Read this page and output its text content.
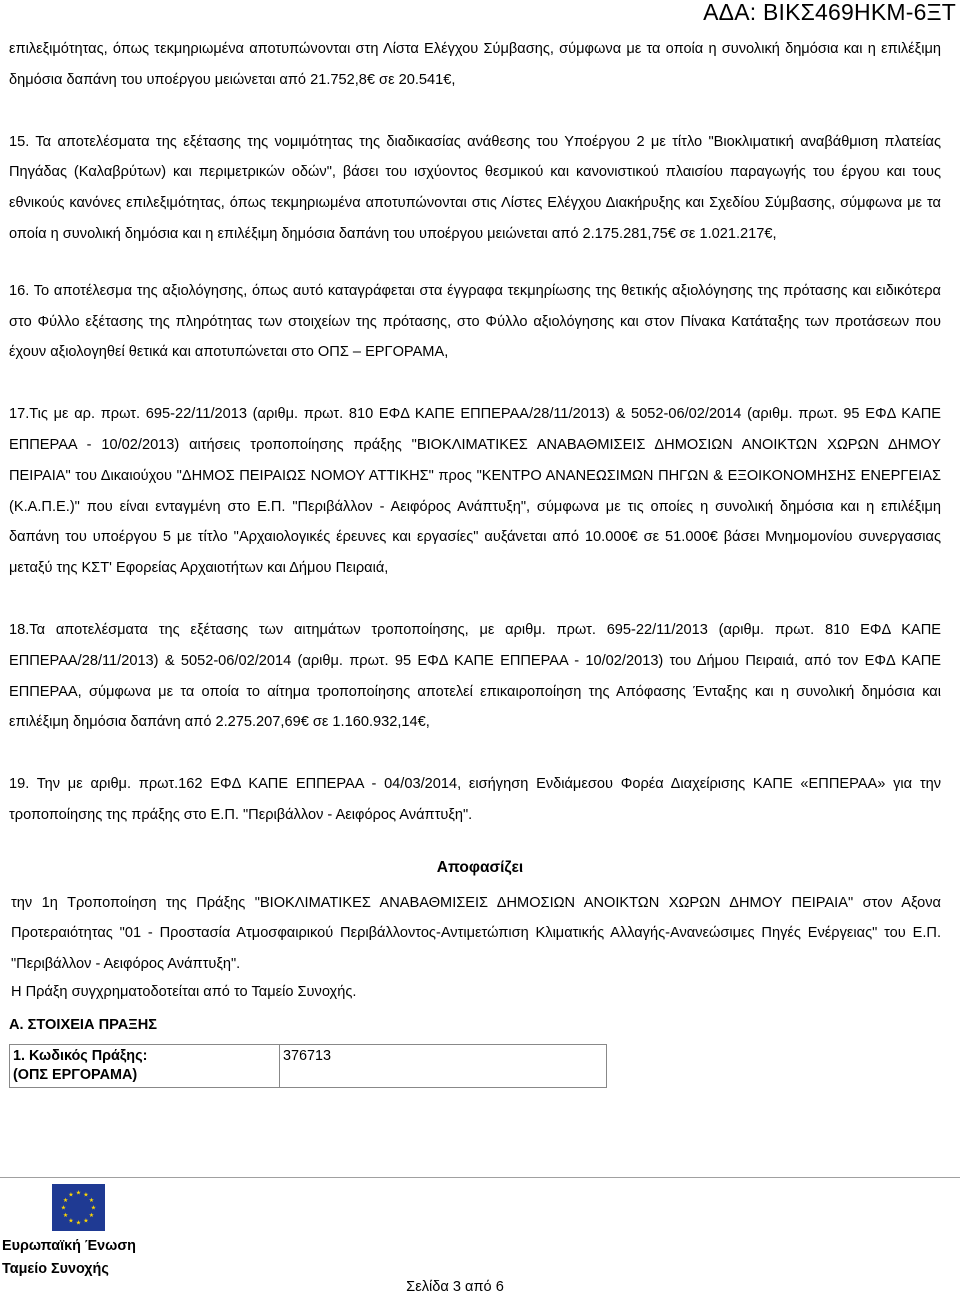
ΑΔΑ: ΒΙΚΣ469ΗΚΜ-6ΞΤ

επιλεξιμότητας, όπως τεκμηριωμένα αποτυπώνονται στη Λίστα Ελέγχου Σύμβασης, σύμφωνα με τα οποία η συνολική δημόσια και η επιλέξιμη δημόσια δαπάνη του υποέργου μειώνεται από 21.752,8€ σε 20.541€,

15. Τα αποτελέσματα της εξέτασης της νομιμότητας της διαδικασίας ανάθεσης του Υποέργου 2 με τίτλο "Βιοκλιματική αναβάθμιση πλατείας Πηγάδας (Καλαβρύτων) και περιμετρικών οδών", βάσει του ισχύοντος θεσμικού και κανονιστικού πλαισίου παραγωγής του έργου και τους εθνικούς κανόνες επιλεξιμότητας, όπως τεκμηριωμένα αποτυπώνονται στις Λίστες Ελέγχου Διακήρυξης και Σχεδίου Σύμβασης, σύμφωνα με τα οποία η συνολική δημόσια και η επιλέξιμη δημόσια δαπάνη του υποέργου μειώνεται από 2.175.281,75€ σε 1.021.217€,

16. Το αποτέλεσμα της αξιολόγησης, όπως αυτό καταγράφεται στα έγγραφα τεκμηρίωσης της θετικής αξιολόγησης της πρότασης και ειδικότερα στο Φύλλο εξέτασης της πληρότητας των στοιχείων της πρότασης, στο Φύλλο αξιολόγησης και στον Πίνακα Κατάταξης των προτάσεων που έχουν αξιολογηθεί θετικά και αποτυπώνεται στο ΟΠΣ – ΕΡΓΟΡΑΜΑ,

17.Τις με αρ. πρωτ. 695-22/11/2013 (αριθμ. πρωτ. 810 ΕΦΔ ΚΑΠΕ ΕΠΠΕΡΑΑ/28/11/2013) & 5052-06/02/2014 (αριθμ. πρωτ. 95 ΕΦΔ ΚΑΠΕ ΕΠΠΕΡΑΑ - 10/02/2013) αιτήσεις τροποποίησης πράξης "ΒΙΟΚΛΙΜΑΤΙΚΕΣ ΑΝΑΒΑΘΜΙΣΕΙΣ ΔΗΜΟΣΙΩΝ ΑΝΟΙΚΤΩΝ ΧΩΡΩΝ ΔΗΜΟΥ ΠΕΙΡΑΙΑ" του Δικαιούχου "ΔΗΜΟΣ ΠΕΙΡΑΙΩΣ ΝΟΜΟΥ ΑΤΤΙΚΗΣ" προς "ΚΕΝΤΡΟ ΑΝΑΝΕΩΣΙΜΩΝ ΠΗΓΩΝ & ΕΞΟΙΚΟΝΟΜΗΣΗΣ ΕΝΕΡΓΕΙΑΣ (Κ.Α.Π.Ε.)" που είναι ενταγμένη στο Ε.Π. "Περιβάλλον - Αειφόρος Ανάπτυξη", σύμφωνα με τις οποίες η συνολική δημόσια και η επιλέξιμη δαπάνη του υποέργου 5 με τίτλο "Αρχαιολογικές έρευνες και εργασίες" αυξάνεται από 10.000€ σε 51.000€ βάσει Μνημομονίου συνεργασιας μεταξύ της ΚΣΤ' Εφορείας Αρχαιοτήτων και Δήμου Πειραιά,

18.Τα αποτελέσματα της εξέτασης των αιτημάτων τροποποίησης, με αριθμ. πρωτ. 695-22/11/2013 (αριθμ. πρωτ. 810 ΕΦΔ ΚΑΠΕ ΕΠΠΕΡΑΑ/28/11/2013) & 5052-06/02/2014 (αριθμ. πρωτ. 95 ΕΦΔ ΚΑΠΕ ΕΠΠΕΡΑΑ - 10/02/2013) του Δήμου Πειραιά, από τον ΕΦΔ ΚΑΠΕ ΕΠΠΕΡΑΑ, σύμφωνα με τα οποία το αίτημα τροποποίησης αποτελεί επικαιροποίηση της Απόφασης Ένταξης και η συνολική δημόσια και επιλέξιμη δημόσια δαπάνη από 2.275.207,69€ σε 1.160.932,14€,

19. Την με αριθμ. πρωτ.162 ΕΦΔ ΚΑΠΕ ΕΠΠΕΡΑΑ - 04/03/2014, εισήγηση Ενδιάμεσου Φορέα Διαχείρισης ΚΑΠΕ «ΕΠΠΕΡΑΑ» για την τροποποίησης της πράξης στο Ε.Π. "Περιβάλλον - Αειφόρος Ανάπτυξη".

Αποφασίζει

την 1η Τροποποίηση της Πράξης "ΒΙΟΚΛΙΜΑΤΙΚΕΣ ΑΝΑΒΑΘΜΙΣΕΙΣ ΔΗΜΟΣΙΩΝ ΑΝΟΙΚΤΩΝ ΧΩΡΩΝ ΔΗΜΟΥ ΠΕΙΡΑΙΑ" στον Αξονα Προτεραιότητας "01 - Προστασία Ατμοσφαιρικού Περιβάλλοντος-Αντιμετώπιση Κλιματικής Αλλαγής-Ανανεώσιμες Πηγές Ενέργειας" του Ε.Π. "Περιβάλλον - Αειφόρος Ανάπτυξη".

Η Πράξη συγχρηματοδοτείται από το Ταμείο Συνοχής.

Α. ΣΤΟΙΧΕΙΑ ΠΡΑΞΗΣ
1. Κωδικός Πράξης:
(ΟΠΣ ΕΡΓΟΡΑΜΑ)	376713
★ ★
★
★
★
★
★
★
★
★
★
★
Ευρωπαϊκή Ένωση
Ταμείο Συνοχής
Σελίδα 3 από 6
